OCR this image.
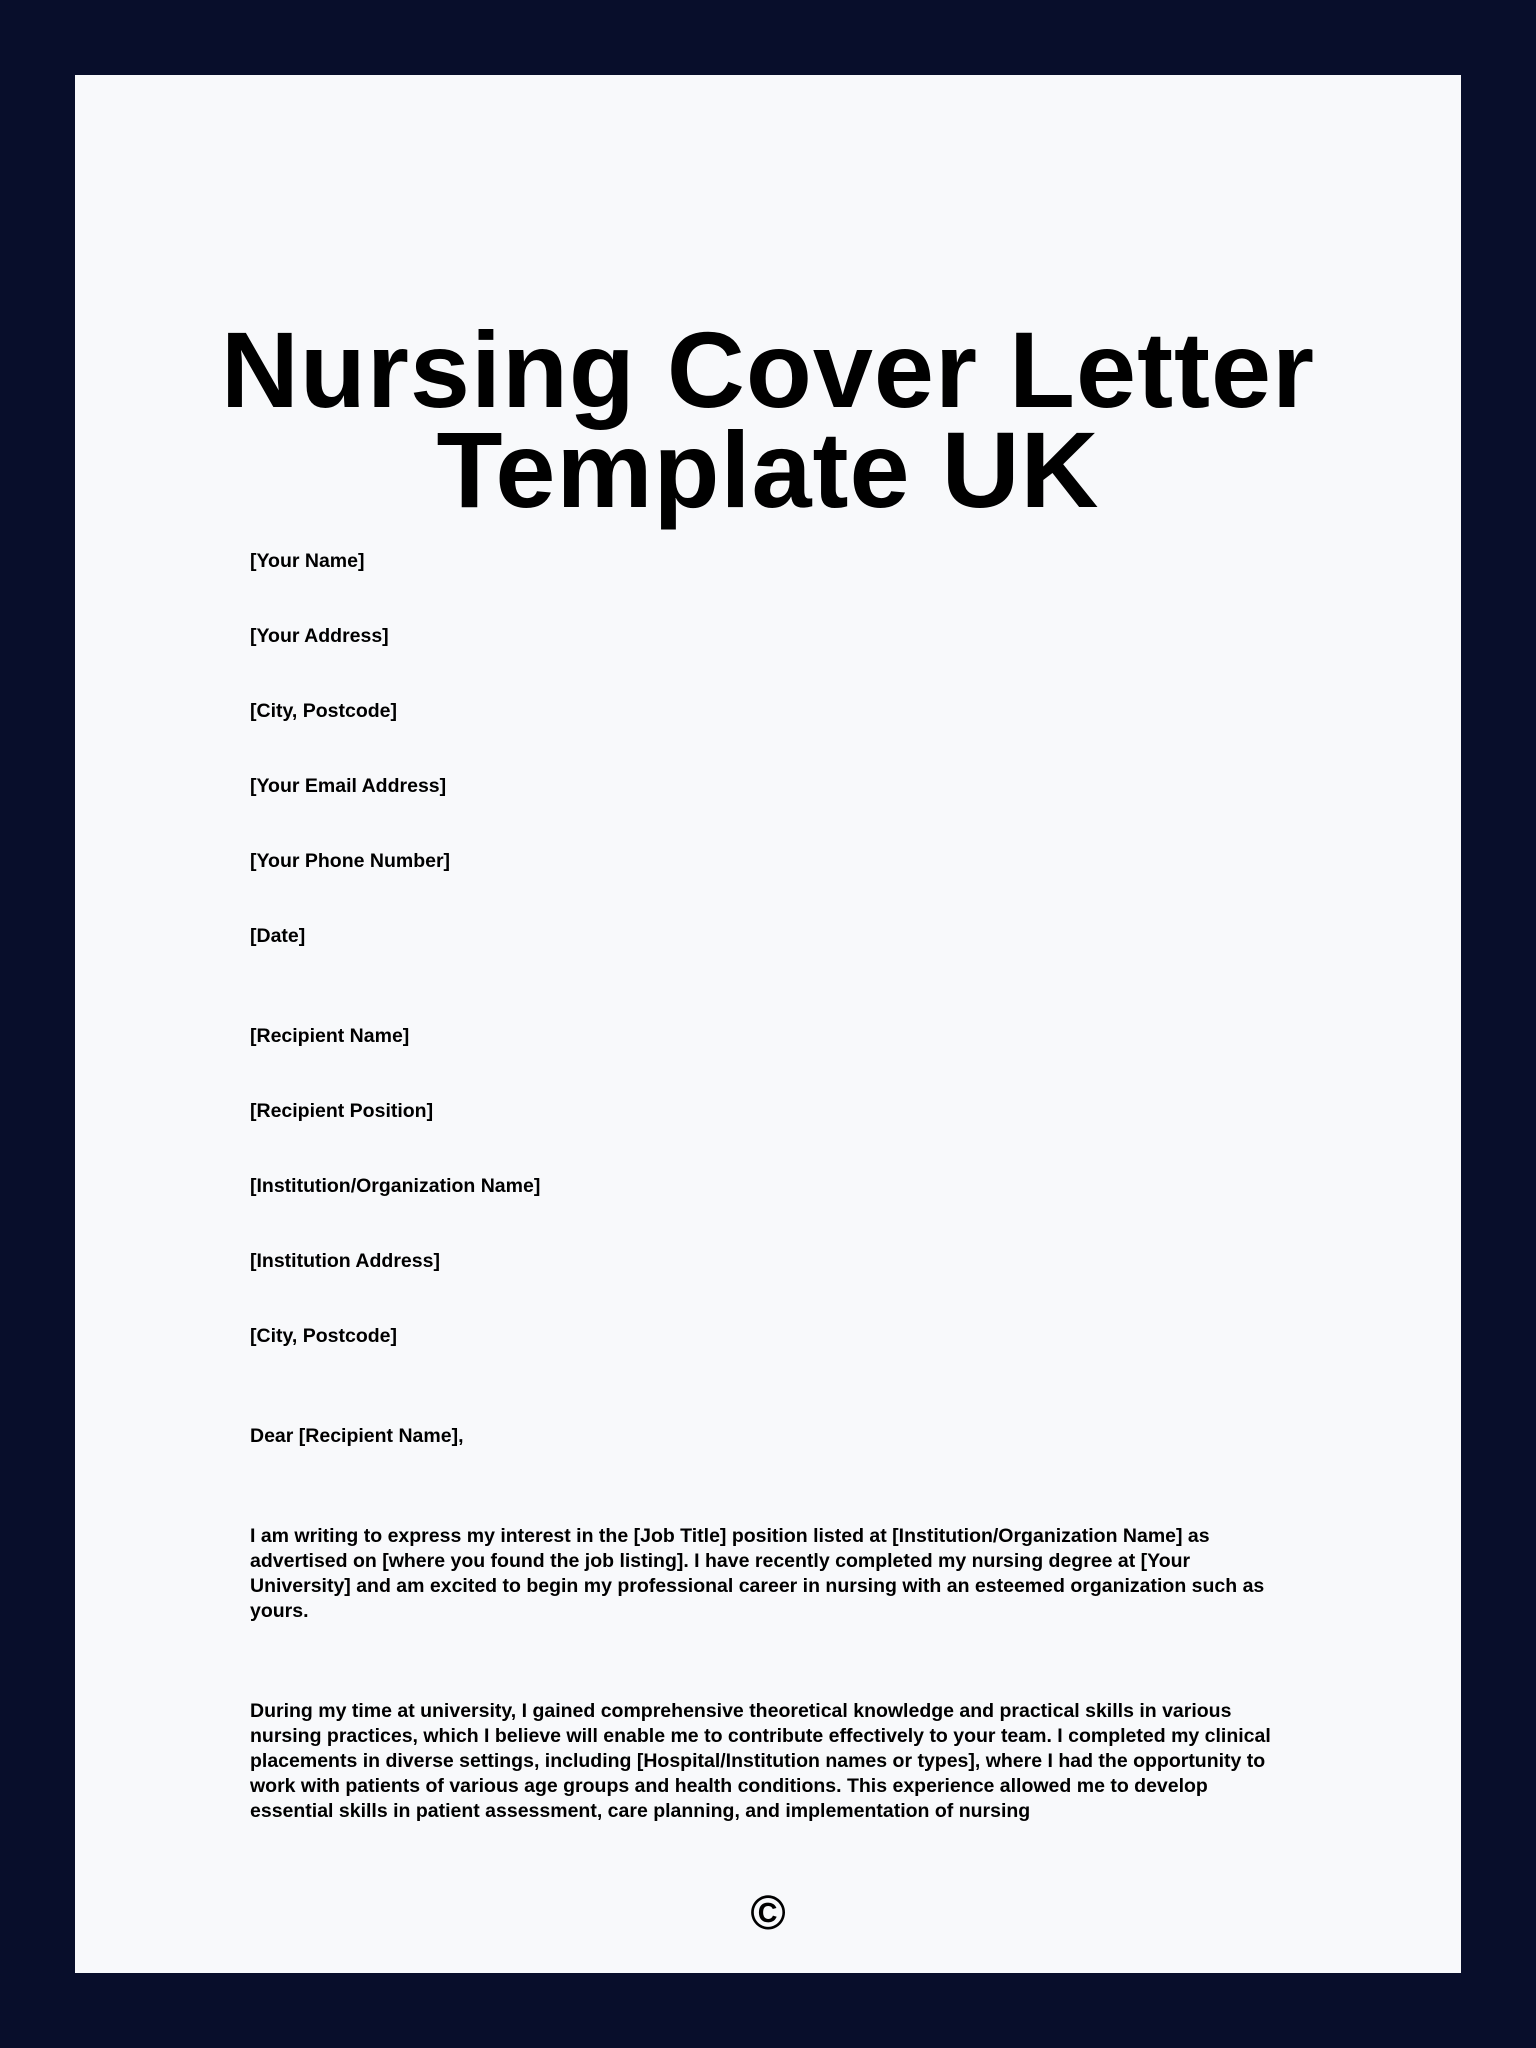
Nursing Cover Letter Template UK

[Your Name]

[Your Address]

[City, Postcode]

[Your Email Address]

[Your Phone Number]

[Date]

[Recipient Name]

[Recipient Position]

[Institution/Organization Name]

[Institution Address]

[City, Postcode]

Dear [Recipient Name],

I am writing to express my interest in the [Job Title] position listed at [Institution/Organization Name] as advertised on [where you found the job listing]. I have recently completed my nursing degree at [Your University] and am excited to begin my professional career in nursing with an esteemed organization such as yours.

During my time at university, I gained comprehensive theoretical knowledge and practical skills in various nursing practices, which I believe will enable me to contribute effectively to your team. I completed my clinical placements in diverse settings, including [Hospital/Institution names or types], where I had the opportunity to work with patients of various age groups and health conditions. This experience allowed me to develop essential skills in patient assessment, care planning, and implementation of nursing

©
